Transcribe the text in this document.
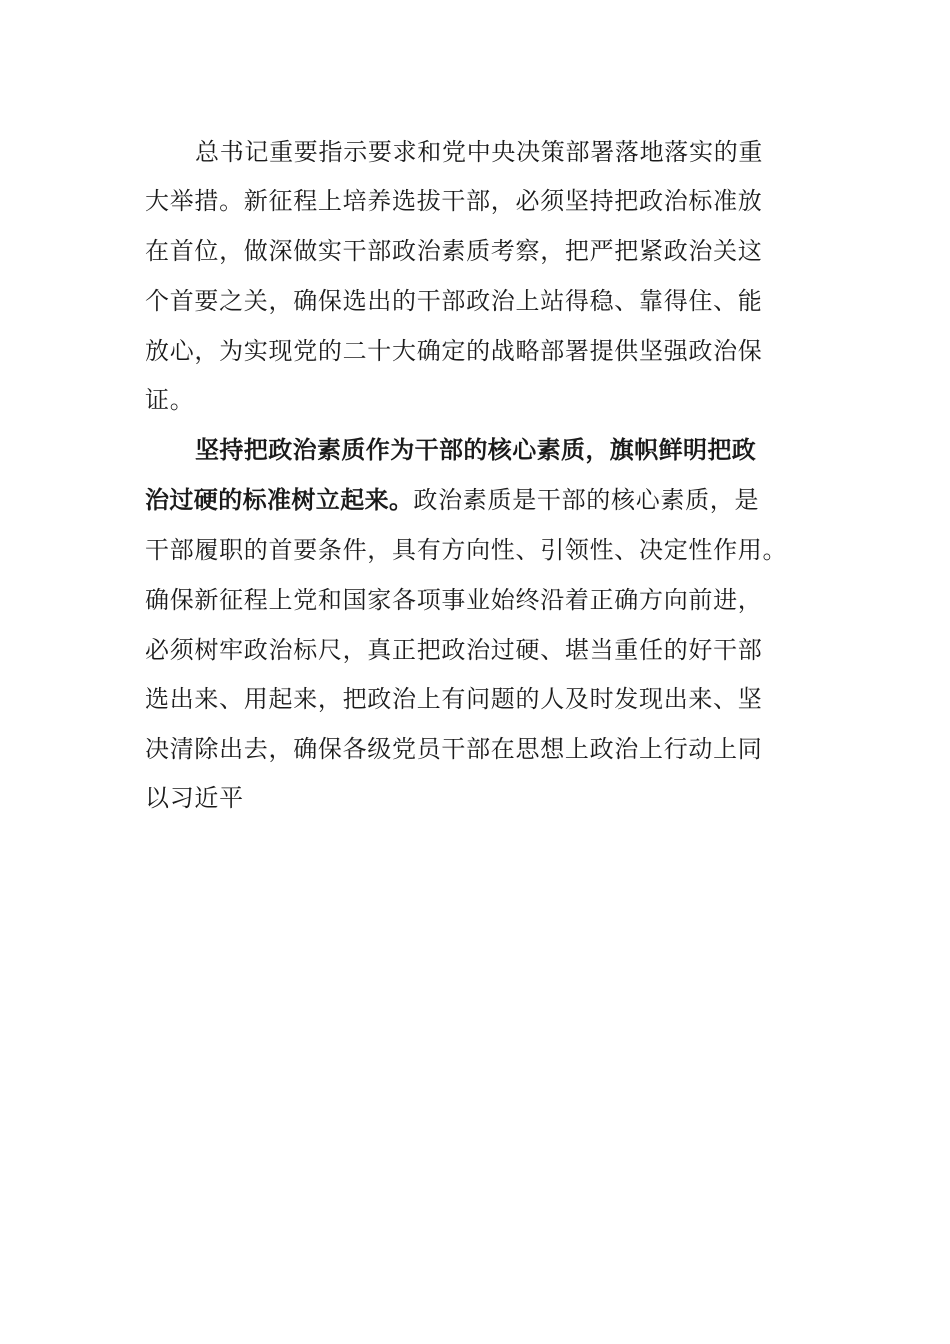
总书记重要指示要求和党中央决策部署落地落实的重
大举措。新征程上培养选拔干部，必须坚持把政治标准放
在首位，做深做实干部政治素质考察，把严把紧政治关这
个首要之关，确保选出的干部政治上站得稳、靠得住、能
放心，为实现党的二十大确定的战略部署提供坚强政治保
证。
坚持把政治素质作为干部的核心素质，旗帜鲜明把政
治过硬的标准树立起来。政治素质是干部的核心素质，是
干部履职的首要条件，具有方向性、引领性、决定性作用。
确保新征程上党和国家各项事业始终沿着正确方向前进，
必须树牢政治标尺，真正把政治过硬、堪当重任的好干部
选出来、用起来，把政治上有问题的人及时发现出来、坚
决清除出去，确保各级党员干部在思想上政治上行动上同
以习近平
